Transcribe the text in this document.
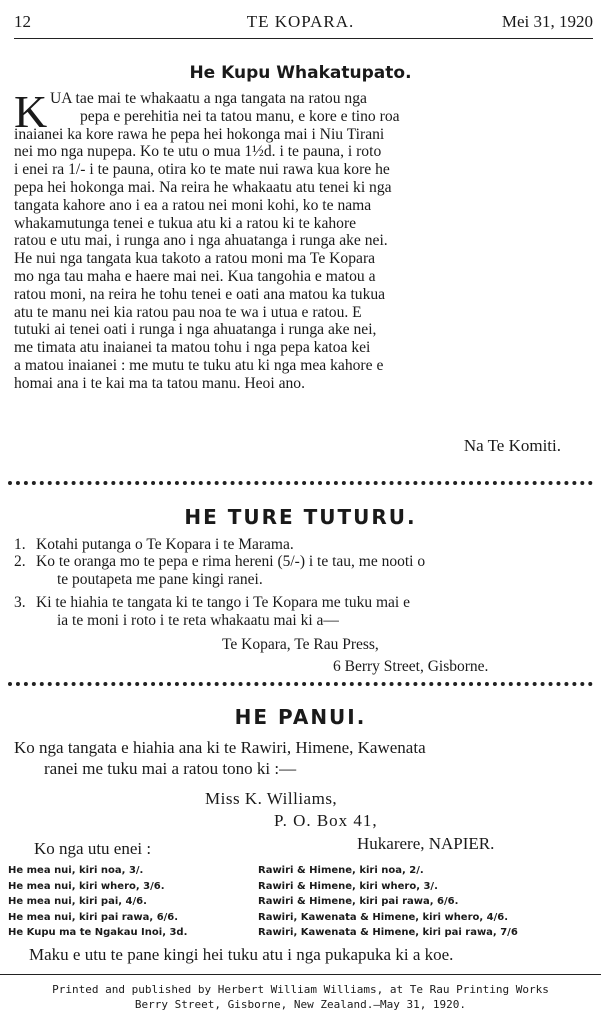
12	TE KOPARA.	Mei 31, 1920
He Kupu Whakatupato.
K UA tae mai te whakaatu a nga tangata na ratou nga
pepa e perehitia nei ta tatou manu, e kore e tino roa
inaianei ka kore rawa he pepa hei hokonga mai i Niu Tirani
nei mo nga nupepa. Ko te utu o mua 1½d. i te pauna, i roto
i enei ra 1/- i te pauna, otira ko te mate nui rawa kua kore he
pepa hei hokonga mai. Na reira he whakaatu atu tenei ki nga
tangata kahore ano i ea a ratou nei moni kohi, ko te nama
whakamutunga tenei e tukua atu ki a ratou ki te kahore
ratou e utu mai, i runga ano i nga ahuatanga i runga ake nei.
He nui nga tangata kua takoto a ratou moni ma Te Kopara
mo nga tau maha e haere mai nei. Kua tangohia e matou a
ratou moni, na reira he tohu tenei e oati ana matou ka tukua
atu te manu nei kia ratou pau noa te wa i utua e ratou. E
tutuki ai tenei oati i runga i nga ahuatanga i runga ake nei,
me timata atu inaianei ta matou tohu i nga pepa katoa kei
a matou inaianei : me mutu te tuku atu ki nga mea kahore e
homai ana i te kai ma ta tatou manu. Heoi ano.
Na Te Komiti.
HE TURE TUTURU.
1. Kotahi putanga o Te Kopara i te Marama.
2. Ko te oranga mo te pepa e rima hereni (5/-) i te tau, me nooti o
te poutapeta me pane kingi ranei.
3. Ki te hiahia te tangata ki te tango i Te Kopara me tuku mai e
ia te moni i roto i te reta whakaatu mai ki a—
Te Kopara, Te Rau Press,
6 Berry Street, Gisborne.
HE PANUI.
Ko nga tangata e hiahia ana ki te Rawiri, Himene, Kawenata
ranei me tuku mai a ratou tono ki :—
Miss K. Williams,
P. O. Box 41,
Hukarere, NAPIER.
Ko nga utu enei :
He mea nui, kiri noa, 3/.
He mea nui, kiri whero, 3/6.
He mea nui, kiri pai, 4/6.
He mea nui, kiri pai rawa, 6/6.
He Kupu ma te Ngakau Inoi, 3d.
Rawiri & Himene, kiri noa, 2/.
Rawiri & Himene, kiri whero, 3/.
Rawiri & Himene, kiri pai rawa, 6/6.
Rawiri, Kawenata & Himene, kiri whero, 4/6.
Rawiri, Kawenata & Himene, kiri pai rawa, 7/6
Maku e utu te pane kingi hei tuku atu i nga pukapuka ki a koe.
Printed and published by Herbert William Williams, at Te Rau Printing Works
Berry Street, Gisborne, New Zealand.—May 31, 1920.
